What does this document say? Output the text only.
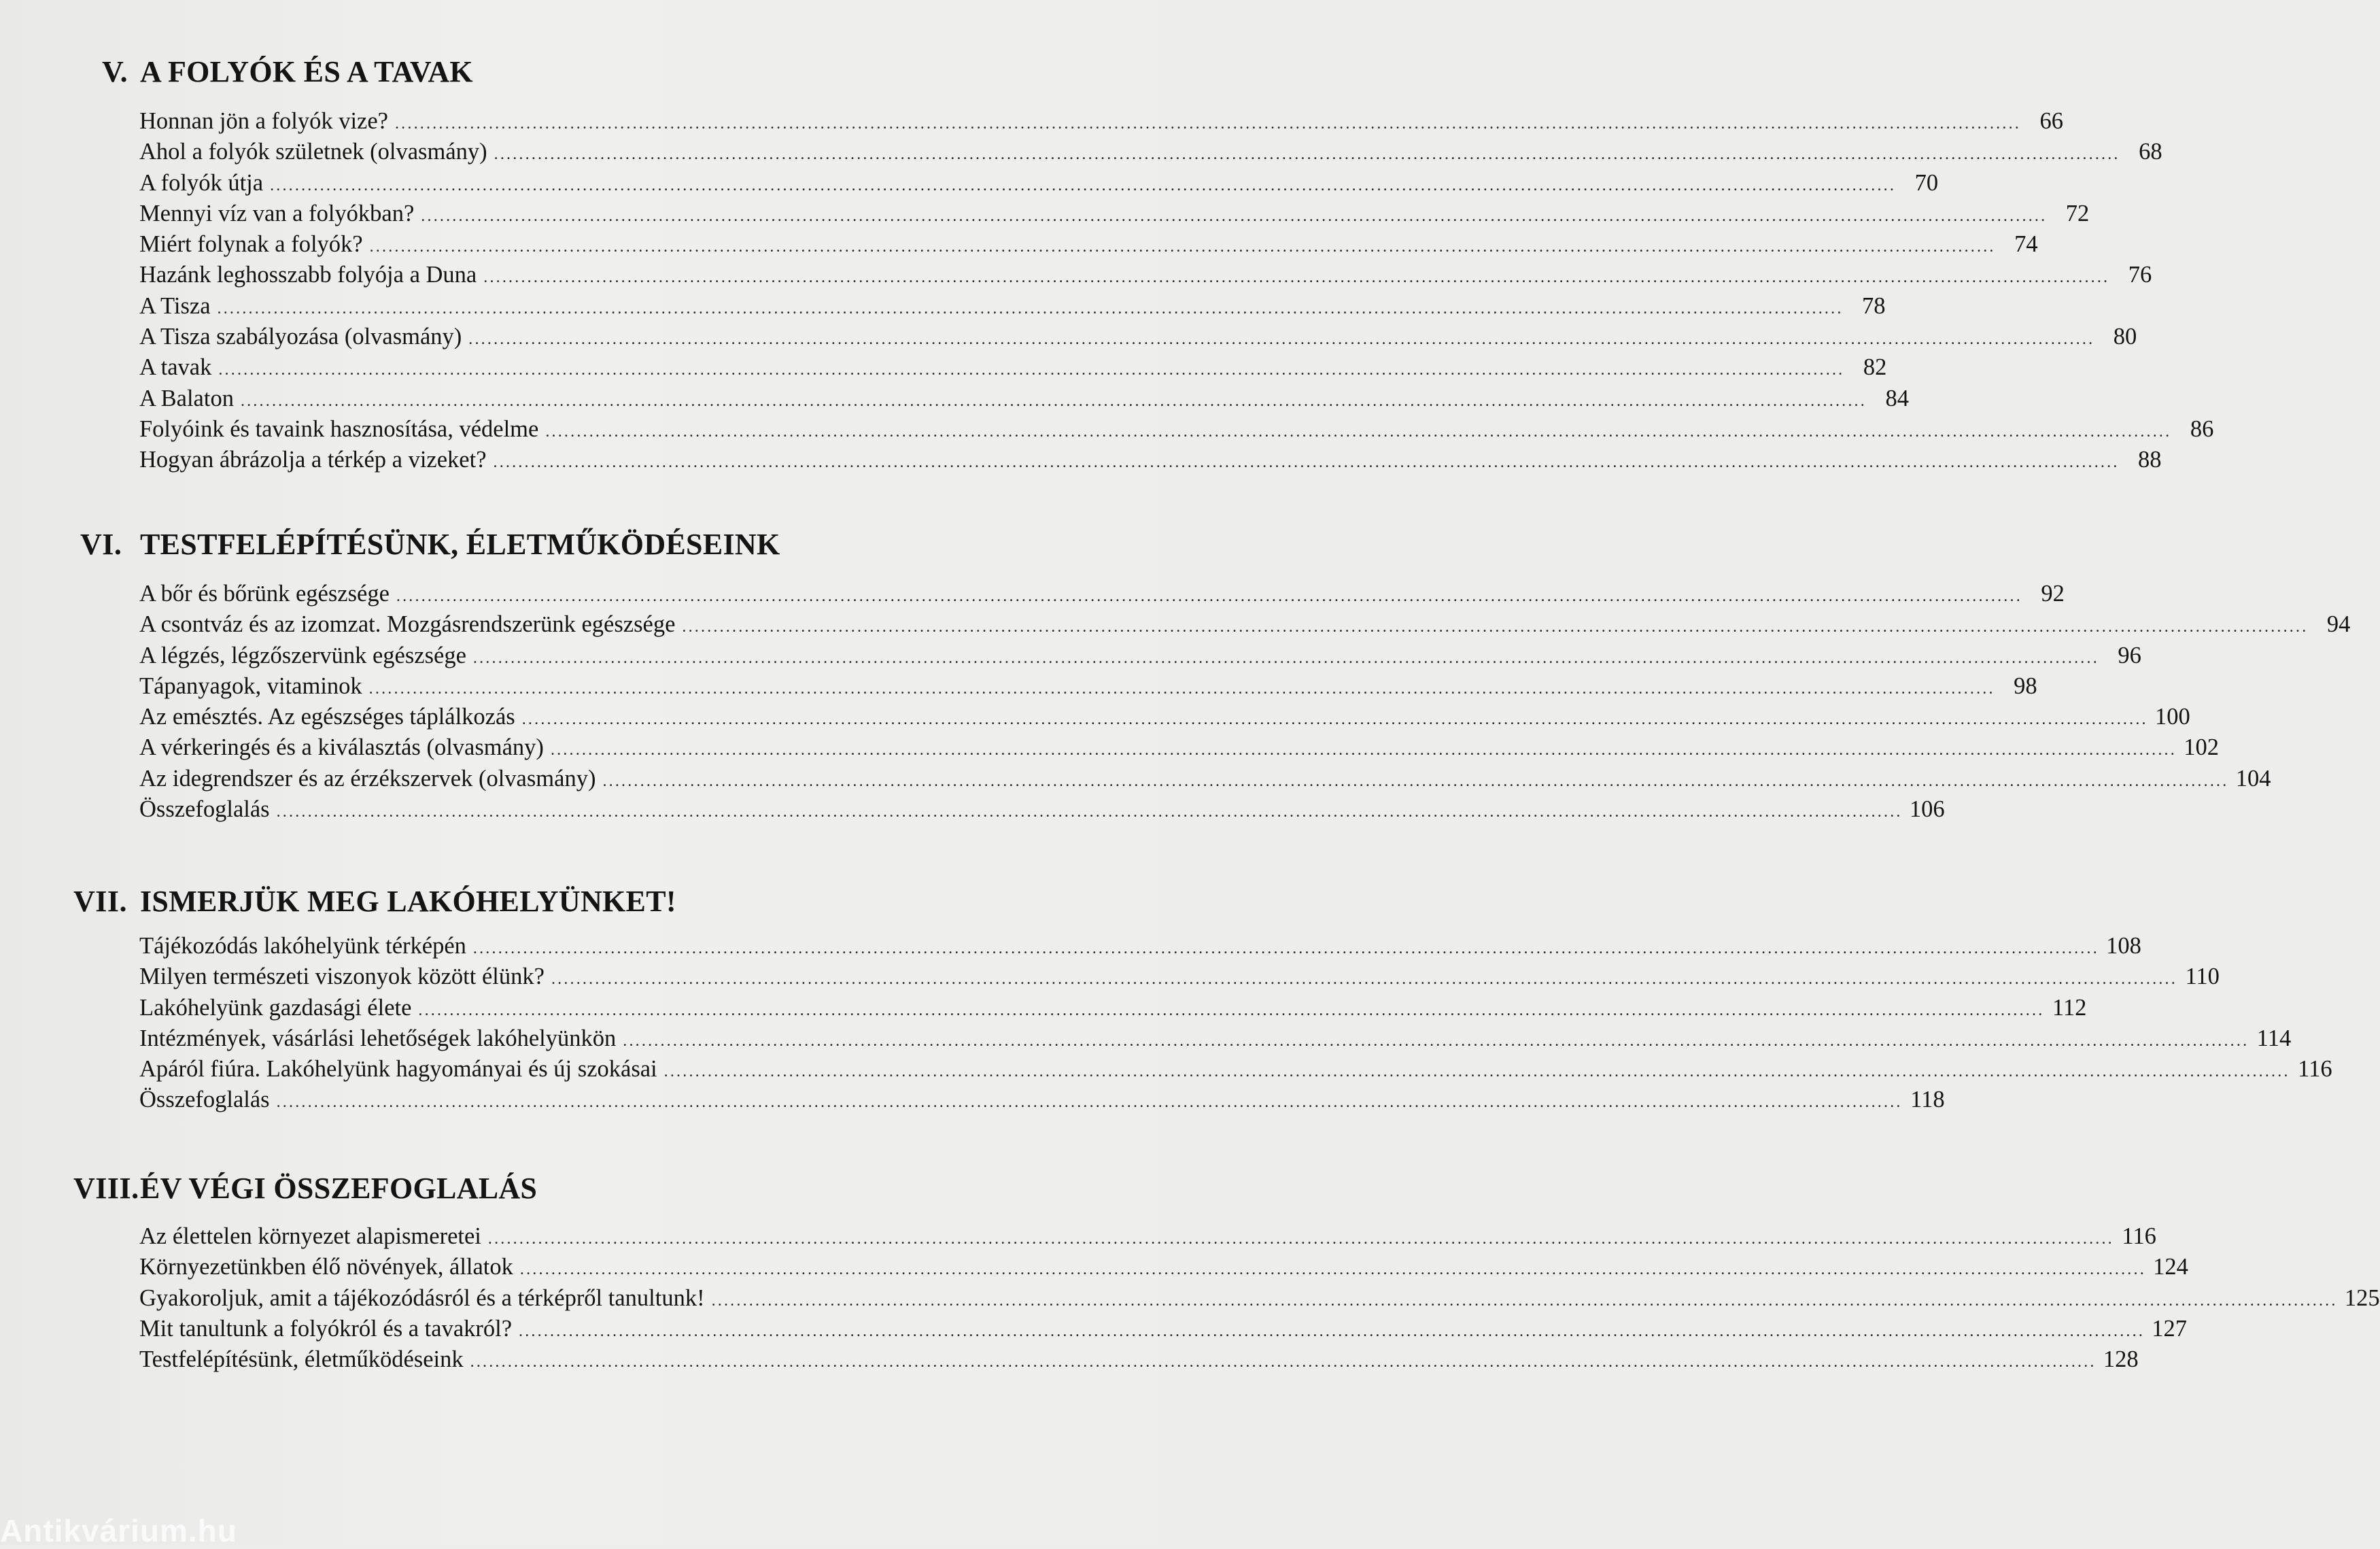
V. A FOLYÓK ÉS A TAVAK
Honnan jön a folyók vize? .................................................................................................................................................................................................................................................................... 66
Ahol a folyók születnek (olvasmány) .................................................................................................................................................................................................................................................................... 68
A folyók útja .................................................................................................................................................................................................................................................................... 70
Mennyi víz van a folyókban? .................................................................................................................................................................................................................................................................... 72
Miért folynak a folyók? .................................................................................................................................................................................................................................................................... 74
Hazánk leghosszabb folyója a Duna .................................................................................................................................................................................................................................................................... 76
A Tisza .................................................................................................................................................................................................................................................................... 78
A Tisza szabályozása (olvasmány) .................................................................................................................................................................................................................................................................... 80
A tavak .................................................................................................................................................................................................................................................................... 82
A Balaton .................................................................................................................................................................................................................................................................... 84
Folyóink és tavaink hasznosítása, védelme .................................................................................................................................................................................................................................................................... 86
Hogyan ábrázolja a térkép a vizeket? .................................................................................................................................................................................................................................................................... 88
VI. TESTFELÉPÍTÉSÜNK, ÉLETMŰKÖDÉSEINK
A bőr és bőrünk egészsége .................................................................................................................................................................................................................................................................... 92
A csontváz és az izomzat. Mozgásrendszerünk egészsége .................................................................................................................................................................................................................................................................... 94
A légzés, légzőszervünk egészsége .................................................................................................................................................................................................................................................................... 96
Tápanyagok, vitaminok .................................................................................................................................................................................................................................................................... 98
Az emésztés. Az egészséges táplálkozás .................................................................................................................................................................................................................................................................... 100
A vérkeringés és a kiválasztás (olvasmány) .................................................................................................................................................................................................................................................................... 102
Az idegrendszer és az érzékszervek (olvasmány) .................................................................................................................................................................................................................................................................... 104
Összefoglalás .................................................................................................................................................................................................................................................................... 106
VII. ISMERJÜK MEG LAKÓHELYÜNKET!
Tájékozódás lakóhelyünk térképén .................................................................................................................................................................................................................................................................... 108
Milyen természeti viszonyok között élünk? .................................................................................................................................................................................................................................................................... 110
Lakóhelyünk gazdasági élete .................................................................................................................................................................................................................................................................... 112
Intézmények, vásárlási lehetőségek lakóhelyünkön .................................................................................................................................................................................................................................................................... 114
Apáról fiúra. Lakóhelyünk hagyományai és új szokásai .................................................................................................................................................................................................................................................................... 116
Összefoglalás .................................................................................................................................................................................................................................................................... 118
VIII. ÉV VÉGI ÖSSZEFOGLALÁS
Az élettelen környezet alapismeretei .................................................................................................................................................................................................................................................................... 116
Környezetünkben élő növények, állatok .................................................................................................................................................................................................................................................................... 124
Gyakoroljuk, amit a tájékozódásról és a térképről tanultunk! .................................................................................................................................................................................................................................................................... 125
Mit tanultunk a folyókról és a tavakról? .................................................................................................................................................................................................................................................................... 127
Testfelépítésünk, életműködéseink .................................................................................................................................................................................................................................................................... 128
Antikvárium.hu
